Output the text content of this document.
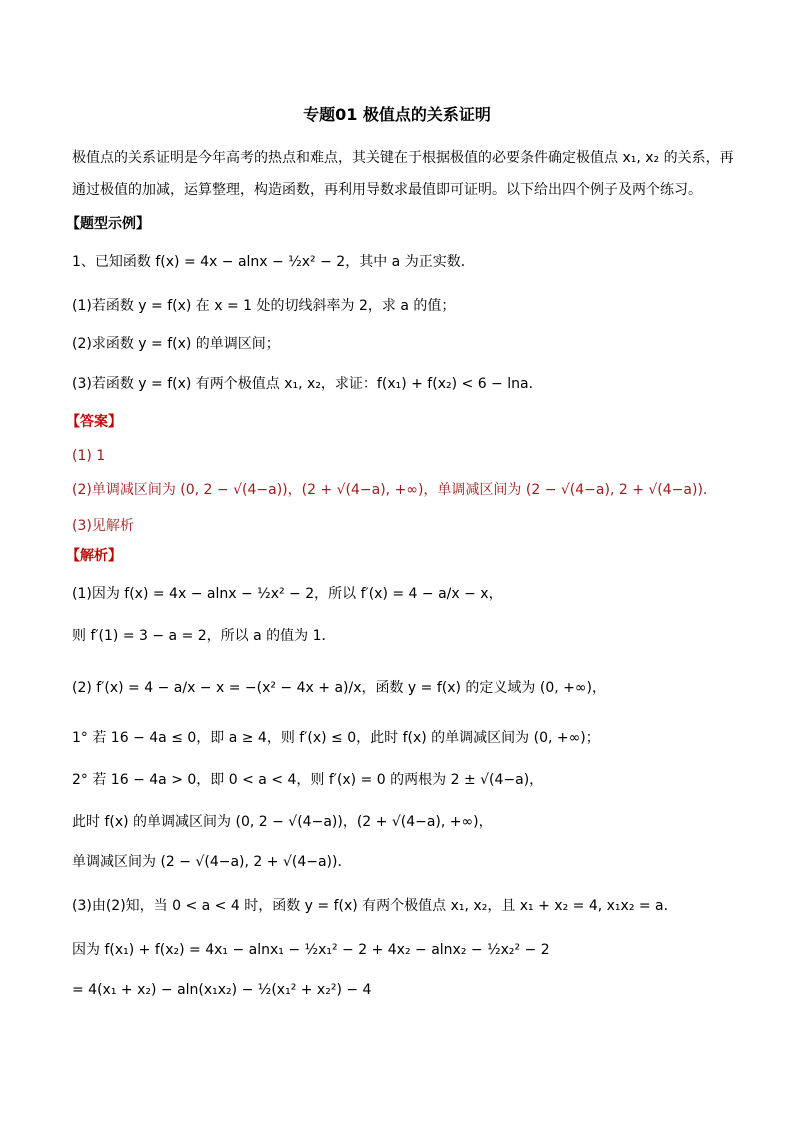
专题01 极值点的关系证明
极值点的关系证明是今年高考的热点和难点，其关键在于根据极值的必要条件确定极值点 x₁, x₂ 的关系，再
通过极值的加减，运算整理，构造函数，再利用导数求最值即可证明。以下给出四个例子及两个练习。
【题型示例】
1、已知函数 f(x) = 4x − alnx − ½x² − 2，其中 a 为正实数．
(1)若函数 y = f(x) 在 x = 1 处的切线斜率为 2，求 a 的值；
(2)求函数 y = f(x) 的单调区间；
(3)若函数 y = f(x) 有两个极值点 x₁, x₂，求证：f(x₁) + f(x₂) < 6 − lna．
【答案】
(1) 1
(2)单调减区间为 (0, 2 − √(4−a))，(2 + √(4−a), +∞)，单调减区间为 (2 − √(4−a), 2 + √(4−a))．
(3)见解析
【解析】
(1)因为 f(x) = 4x − alnx − ½x² − 2，所以 f′(x) = 4 − a/x − x，
则 f′(1) = 3 − a = 2，所以 a 的值为 1．
(2) f′(x) = 4 − a/x − x = −(x² − 4x + a)/x，函数 y = f(x) 的定义域为 (0, +∞)，
1° 若 16 − 4a ≤ 0，即 a ≥ 4，则 f′(x) ≤ 0，此时 f(x) 的单调减区间为 (0, +∞)；
2° 若 16 − 4a > 0，即 0 < a < 4，则 f′(x) = 0 的两根为 2 ± √(4−a)，
此时 f(x) 的单调减区间为 (0, 2 − √(4−a))，(2 + √(4−a), +∞)，
单调减区间为 (2 − √(4−a), 2 + √(4−a))．
(3)由(2)知，当 0 < a < 4 时，函数 y = f(x) 有两个极值点 x₁, x₂，且 x₁ + x₂ = 4, x₁x₂ = a．
因为 f(x₁) + f(x₂) = 4x₁ − alnx₁ − ½x₁² − 2 + 4x₂ − alnx₂ − ½x₂² − 2
= 4(x₁ + x₂) − aln(x₁x₂) − ½(x₁² + x₂²) − 4
